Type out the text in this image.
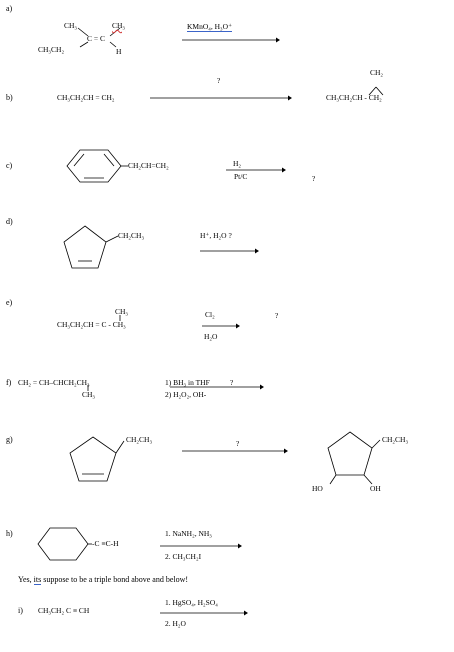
a)
CH₃	CH₃
C = C
CH₃CH₂	H
KMnO₄, H₃O⁺
b)	CH₃CH₂CH = CH₂
?
CH₂
CH₃CH₂CH - CH₂
c)	CH₂CH=CH₂	H₂
Pt/C	?
d)
CH₂CH₃	H⁺, H₂O ?
e)
CH₃
CH₃CH₂CH = C - CH₃
Cl₂
H₂O
?
f) CH₂ = CH–CHCH₂CH₃
CH₃
1) BH₃ in THF	?
2) H₂O₂, OH-
g)	CH₂CH₃	?	CH₂CH₃
HO	OH
h)
-C ≡C-H
1. NaNH₂, NH₃
2. CH₃CH₂I
Yes, its suppose to be a triple bond above and below!
i) CH₃CH₂ C ≡ CH
1. HgSO₄, H₂SO₄
2. H₂O
